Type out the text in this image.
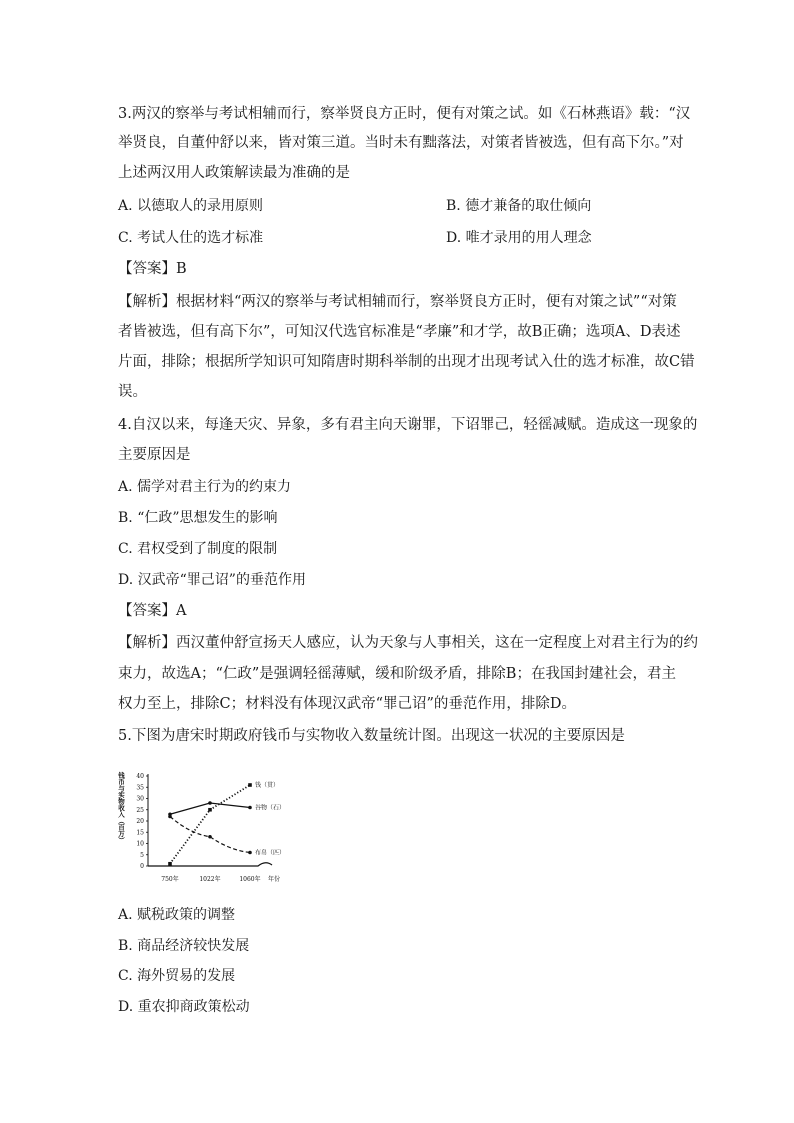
3.两汉的察举与考试相辅而行，察举贤良方正时，便有对策之试。如《石林燕语》载：“汉
举贤良，自董仲舒以来，皆对策三道。当时未有黜落法，对策者皆被选，但有高下尔。”对
上述两汉用人政策解读最为准确的是
A. 以德取人的录用原则	B. 德才兼备的取仕倾向
C. 考试人仕的选才标准	D. 唯才录用的用人理念
【答案】B
【解析】根据材料“两汉的察举与考试相辅而行，察举贤良方正时，便有对策之试”“对策
者皆被选，但有高下尔”，可知汉代选官标准是“孝廉”和才学，故B正确；选项A、D表述
片面，排除；根据所学知识可知隋唐时期科举制的出现才出现考试入仕的选才标准，故C错
误。
4.自汉以来，每逢天灾、异象，多有君主向天谢罪，下诏罪己，轻徭减赋。造成这一现象的
主要原因是
A. 儒学对君主行为的约束力
B. “仁政”思想发生的影响
C. 君权受到了制度的限制
D. 汉武帝“罪己诏”的垂范作用
【答案】A
【解析】西汉董仲舒宣扬天人感应，认为天象与人事相关，这在一定程度上对君主行为的约
束力，故选A；“仁政”是强调轻徭薄赋，缓和阶级矛盾，排除B；在我国封建社会，君主
权力至上，排除C；材料没有体现汉武帝“罪己诏”的垂范作用，排除D。
5.下图为唐宋时期政府钱币与实物收入数量统计图。出现这一状况的主要原因是
钱币与实物收入（百万）
0
5
10
15
20
25
30
35
40
750年	1022年	1060年
钱（贯）
谷物（石）
布帛（匹）
年份
A. 赋税政策的调整
B. 商品经济较快发展
C. 海外贸易的发展
D. 重农抑商政策松动
